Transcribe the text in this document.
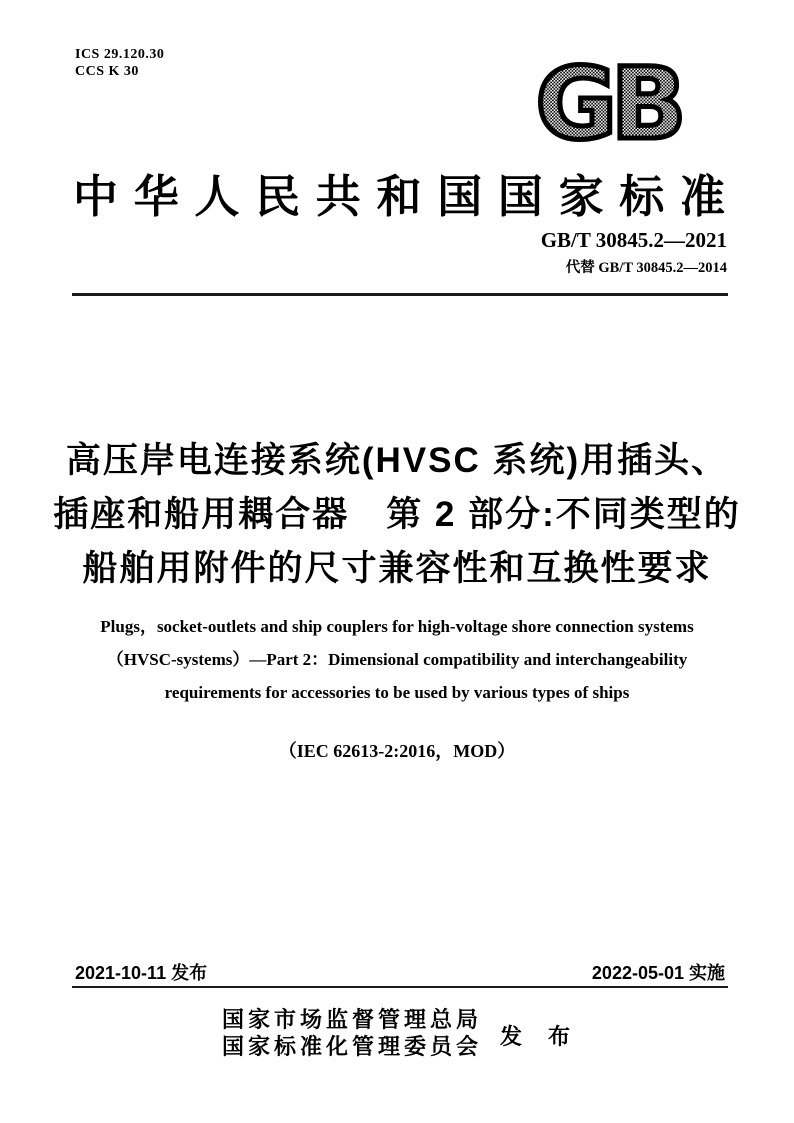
ICS 29.120.30
CCS K 30	GB
中华人民共和国国家标准
GB/T 30845.2—2021
代替 GB/T 30845.2—2014
高压岸电连接系统(HVSC 系统)用插头、
插座和船用耦合器　第 2 部分:不同类型的
船舶用附件的尺寸兼容性和互换性要求
Plugs，socket-outlets and ship couplers for high-voltage shore connection systems
（HVSC-systems）—Part 2：Dimensional compatibility and interchangeability
requirements for accessories to be used by various types of ships
（IEC 62613-2:2016，MOD）
2021-10-11 发布	2022-05-01 实施
国家市场监督管理总局
国家标准化管理委员会 发　布
